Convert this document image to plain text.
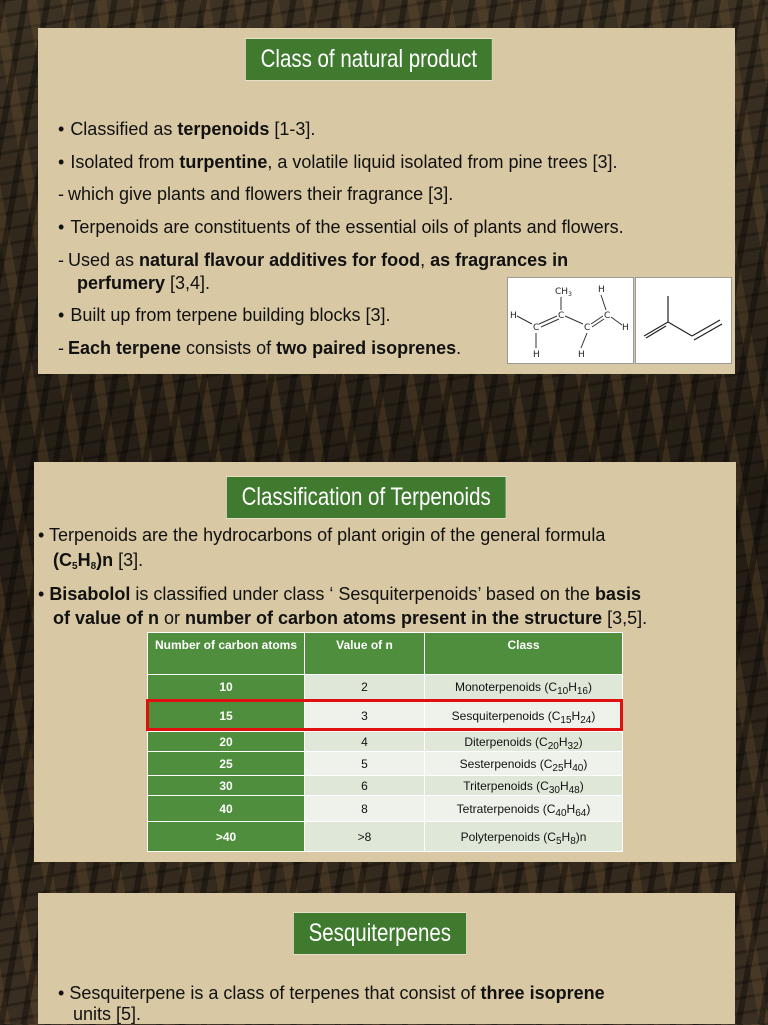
Class of natural product
• Classified as terpenoids [1-3].
• Isolated from turpentine, a volatile liquid isolated from pine trees [3].
- which give plants and flowers their fragrance [3].
• Terpenoids are constituents of the essential oils of plants and flowers.
- Used as natural flavour additives for food, as fragrances in
perfumery [3,4].
• Built up from terpene building blocks [3].
- Each terpene consists of two paired isoprenes.
$CH_3$	H
H
C
C
C
C
H
H	H
Classification of Terpenoids
• Terpenoids are the hydrocarbons of plant origin of the general formula
$(C_5H_8)n$ [3].
• Bisabolol is classified under class ‘ Sesquiterpenoids’ based on the basis
of value of n or number of carbon atoms present in the structure [3,5].
Number of carbon atoms	Value of n	Class
10	2	Monoterpenoids $(C_{10}H_{16})$
15	3	Sesquiterpenoids $(C_{15}H_{24})$
20	4	Diterpenoids $(C_{20}H_{32})$
25	5	Sesterpenoids $(C_{25}H_{40})$
30	6	Triterpenoids $(C_{30}H_{48})$
40	8	Tetraterpenoids $(C_{40}H_{64})$
>40	>8	Polyterpenoids $(C_5H_8)n$
Sesquiterpenes
• Sesquiterpene is a class of terpenes that consist of three isoprene
units [5].
